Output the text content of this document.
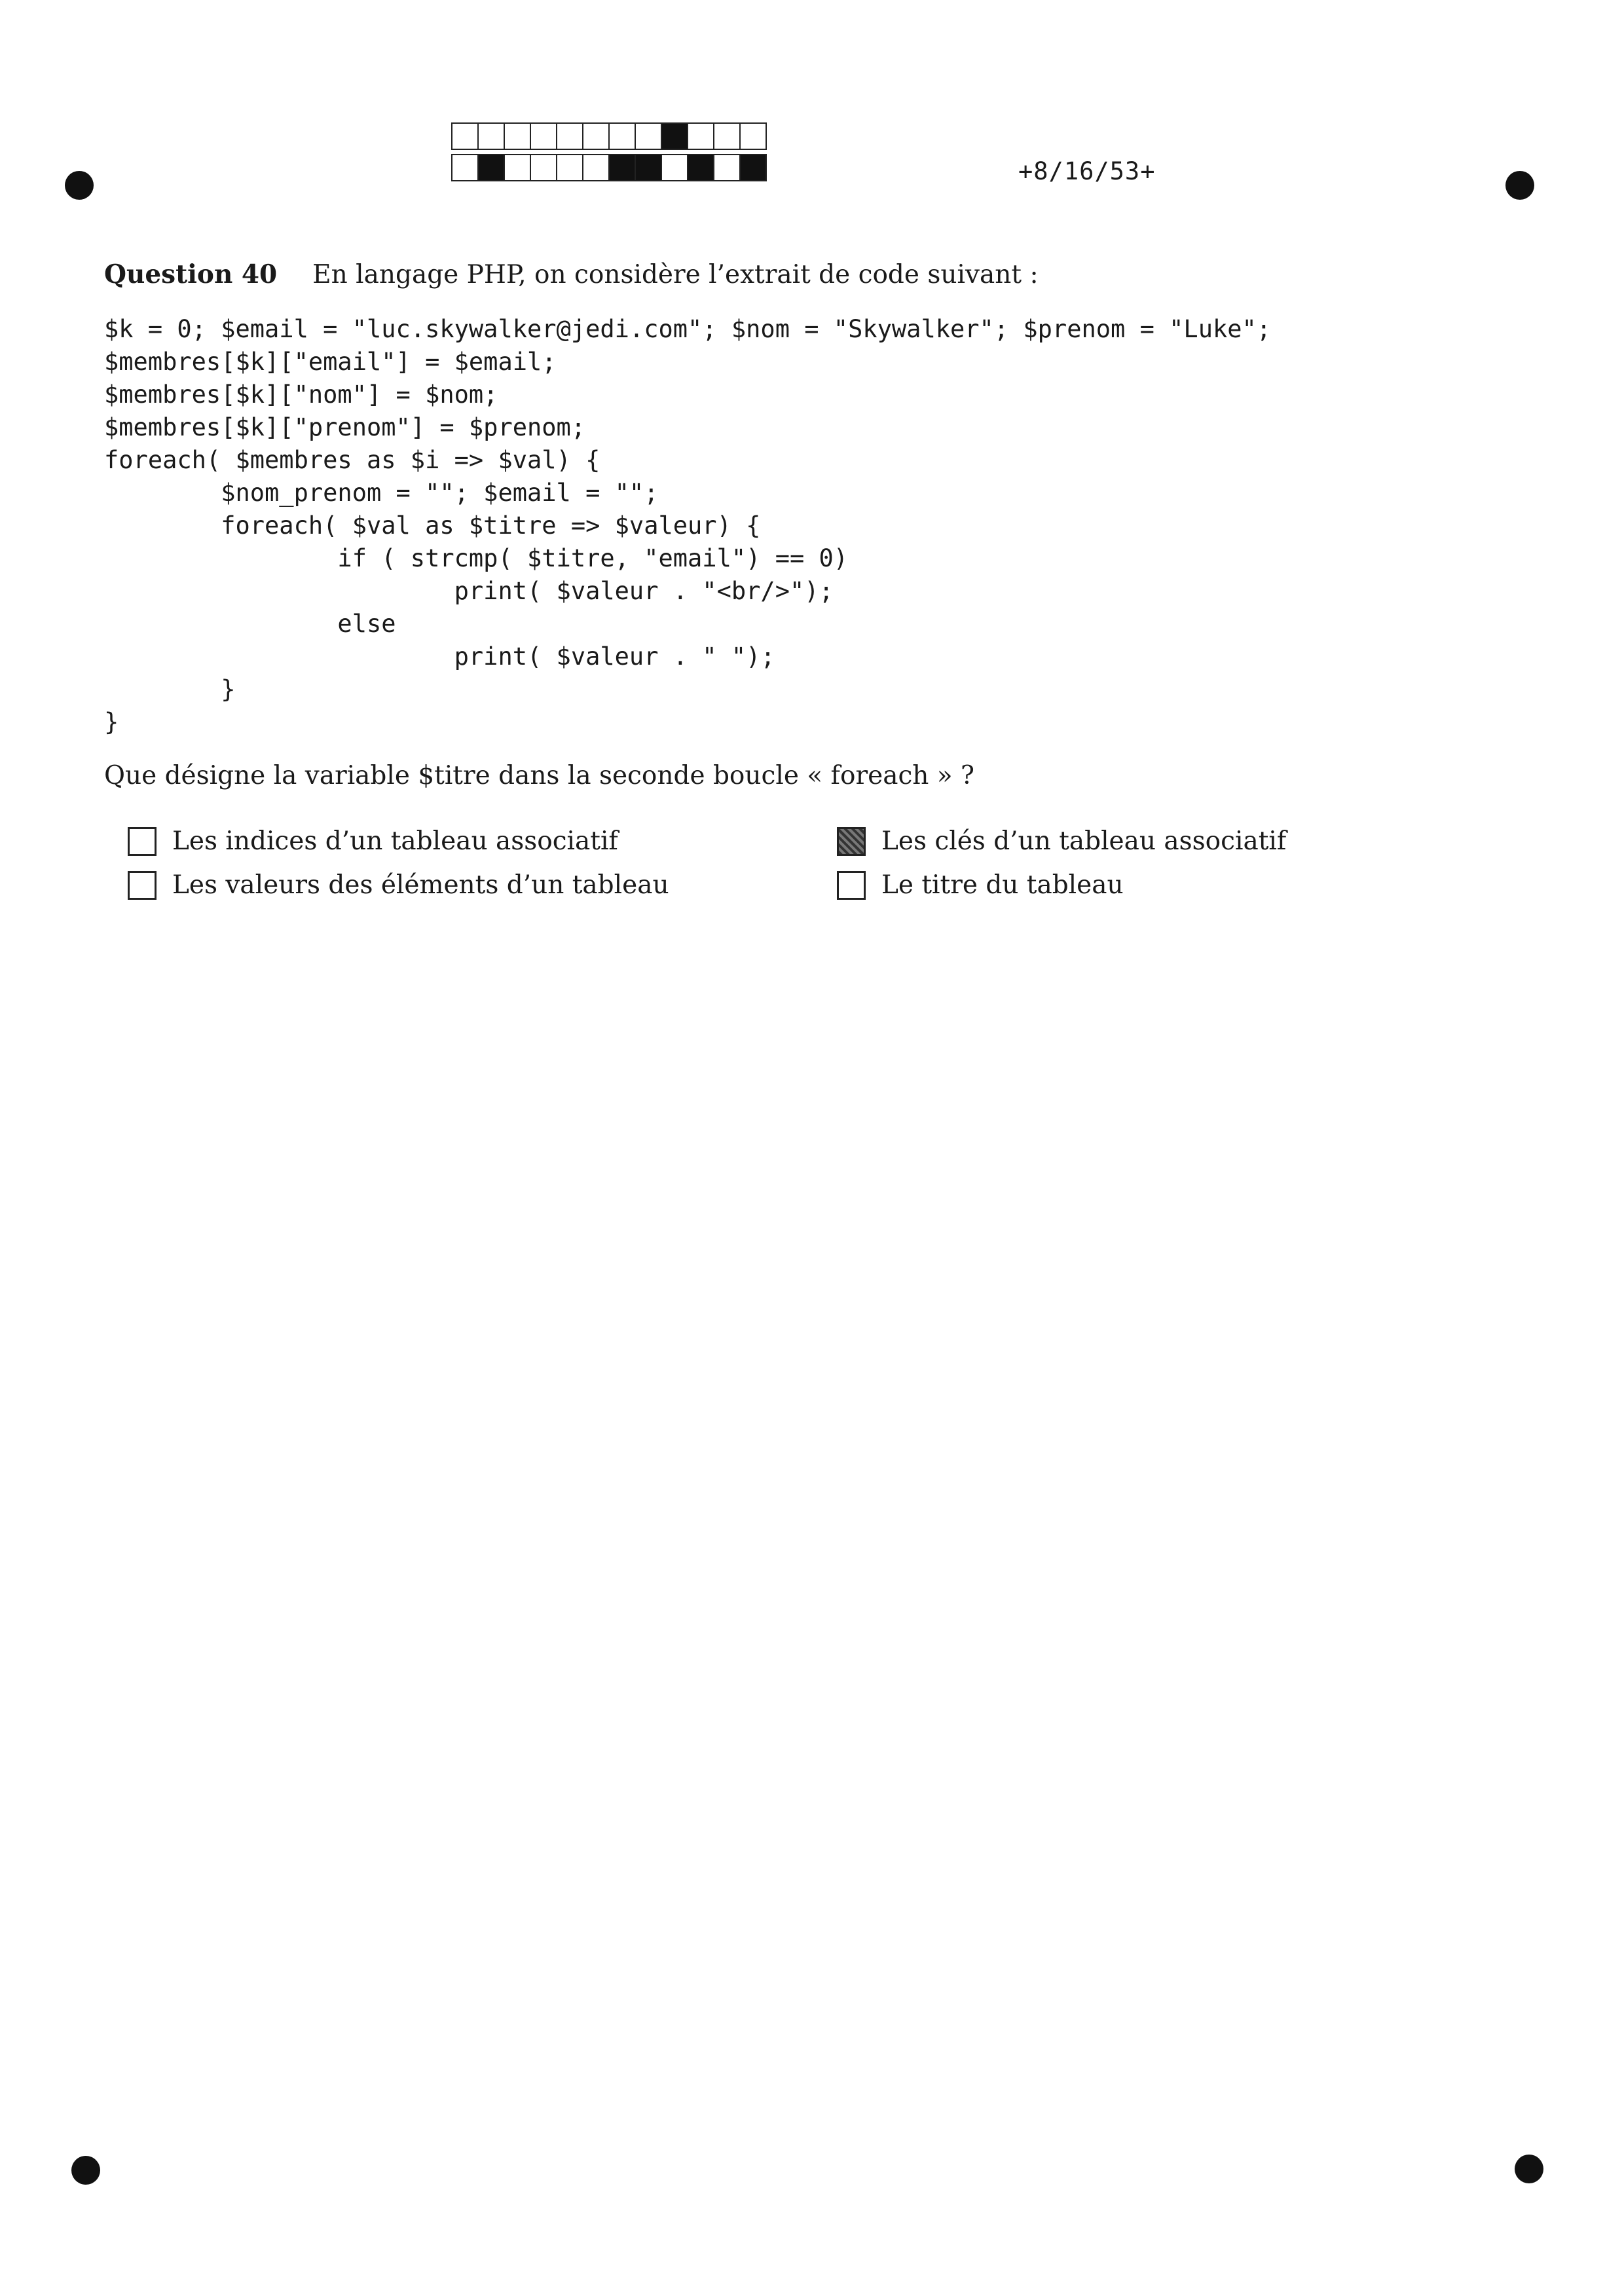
+8/16/53+
Question 40 En langage PHP, on considère l’extrait de code suivant :
$k = 0; $email = "luc.skywalker@jedi.com"; $nom = "Skywalker"; $prenom = "Luke";
$membres[$k]["email"] = $email;
$membres[$k]["nom"] = $nom;
$membres[$k]["prenom"] = $prenom;
foreach( $membres as $i => $val) {
$nom_prenom = ""; $email = "";
foreach( $val as $titre => $valeur) {
if ( strcmp( $titre, "email") == 0)
print( $valeur . "<br/>");
else
print( $valeur . " ");
}
}
Que désigne la variable $titre dans la seconde boucle « foreach » ?
Les indices d’un tableau associatif	Les clés d’un tableau associatif
Les valeurs des éléments d’un tableau	Le titre du tableau
